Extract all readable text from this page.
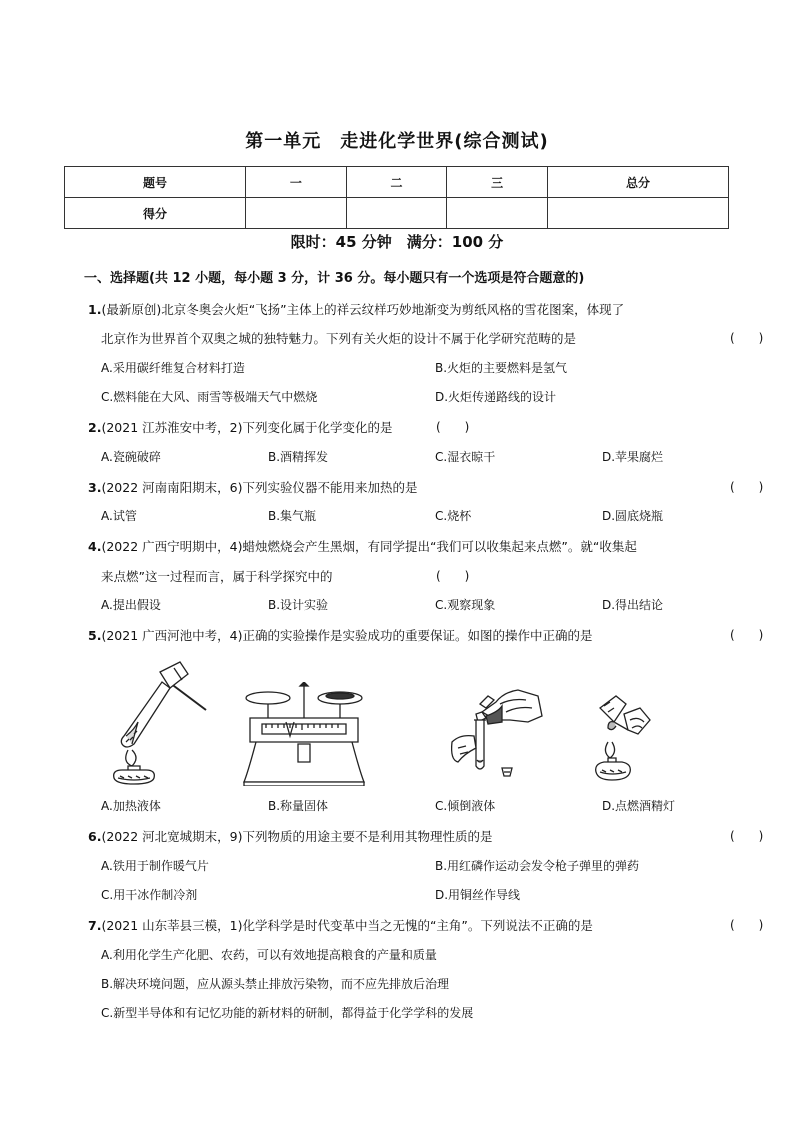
第一单元　走进化学世界(综合测试)
题号	一	二	三	总分
得分				
限时：45 分钟　满分：100 分
一、选择题(共 12 小题，每小题 3 分，计 36 分。每小题只有一个选项是符合题意的)
1.(最新原创)北京冬奥会火炬“飞扬”主体上的祥云纹样巧妙地渐变为剪纸风格的雪花图案，体现了
北京作为世界首个双奥之城的独特魅力。下列有关火炬的设计不属于化学研究范畴的是	(　　)
A.采用碳纤维复合材料打造	B.火炬的主要燃料是氢气
C.燃料能在大风、雨雪等极端天气中燃烧	D.火炬传递路线的设计
2.(2021 江苏淮安中考，2)下列变化属于化学变化的是	(　　)
A.瓷碗破碎	B.酒精挥发	C.湿衣晾干	D.苹果腐烂
3.(2022 河南南阳期末，6)下列实验仪器不能用来加热的是	(　　)
A.试管	B.集气瓶	C.烧杯	D.圆底烧瓶
4.(2022 广西宁明期中，4)蜡烛燃烧会产生黑烟，有同学提出“我们可以收集起来点燃”。就“收集起
来点燃”这一过程而言，属于科学探究中的	(　　)
A.提出假设	B.设计实验	C.观察现象	D.得出结论
5.(2021 广西河池中考，4)正确的实验操作是实验成功的重要保证。如图的操作中正确的是	(　　)
A.加热液体	B.称量固体	C.倾倒液体	D.点燃酒精灯
6.(2022 河北宽城期末，9)下列物质的用途主要不是利用其物理性质的是	(　　)
A.铁用于制作暖气片	B.用红磷作运动会发令枪子弹里的弹药
C.用干冰作制冷剂	D.用铜丝作导线
7.(2021 山东莘县三模，1)化学科学是时代变革中当之无愧的“主角”。下列说法不正确的是	(　　)
A.利用化学生产化肥、农药，可以有效地提高粮食的产量和质量
B.解决环境问题，应从源头禁止排放污染物，而不应先排放后治理
C.新型半导体和有记忆功能的新材料的研制，都得益于化学学科的发展
